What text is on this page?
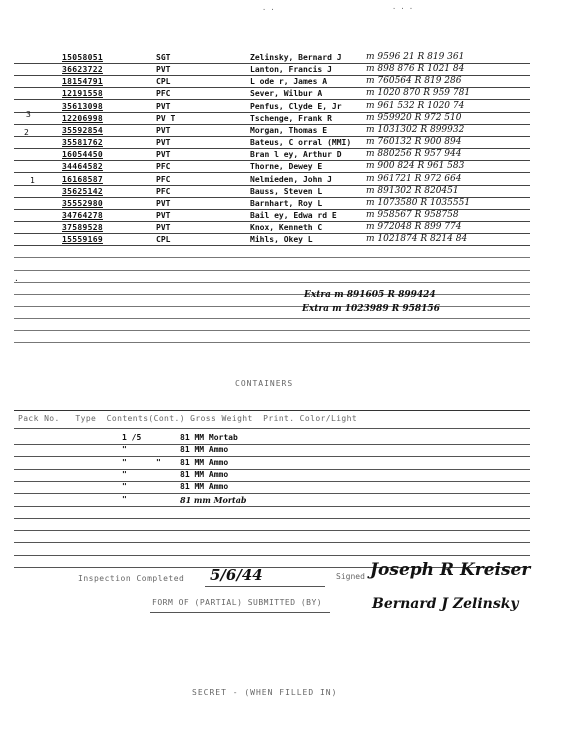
· ·	· · ·
15058051	SGT	Zelinsky, Bernard J	m 9596 21 R 819 361
36623722	PVT	Lanton, Francis J	m 898 876 R 1021 84
18154791	CPL	L ode r, James A	m 760564 R 819 286
12191558	PFC	Sever, Wilbur A	m 1020 870 R 959 781
35613098	PVT	Penfus, Clyde E, Jr	m 961 532 R 1020 74
12206998	PV T	Tschenge, Frank R	m 959920 R 972 510
35592854	PVT	Morgan, Thomas E	m 1031302 R 899932
35581762	PVT	Bateus, C orral (MMI) m 760132 R 900 894
16054450	PVT	Bran l ey, Arthur D	m 880256 R 957 944
34464582	PFC	Thorne, Dewey E	m 900 824 R 961 583
16168587	PFC	Nelmieden, John J	m 961721 R 972 664
35625142	PFC	Bauss, Steven L	m 891302 R 820451
35552980	PVT	Barnhart, Roy L	m 1073580 R 1035551
34764278	PVT	Bail ey, Edwa rd E	m 958567 R 958758
37589528	PVT	Knox, Kenneth C	m 972048 R 899 774
15559169	CPL	Mihls, Okey L	m 1021874 R 8214 84
3
2
1
·
Extra m 891605 R 899424
Extra m 1023989 R 958156
CONTAINERS
Pack No.   Type  Contents(Cont.) Gross Weight  Print. Color/Light
1 /5	81 MM Mortab
"	81 MM Ammo
"	" 81 MM Ammo
"	81 MM Ammo
"	81 MM Ammo
"	81 mm Mortab
Inspection Completed 5/6/44	Signed Joseph R Kreiser
FORM OF (PARTIAL) SUBMITTED (BY)	Bernard J Zelinsky
SECRET - (WHEN FILLED IN)
